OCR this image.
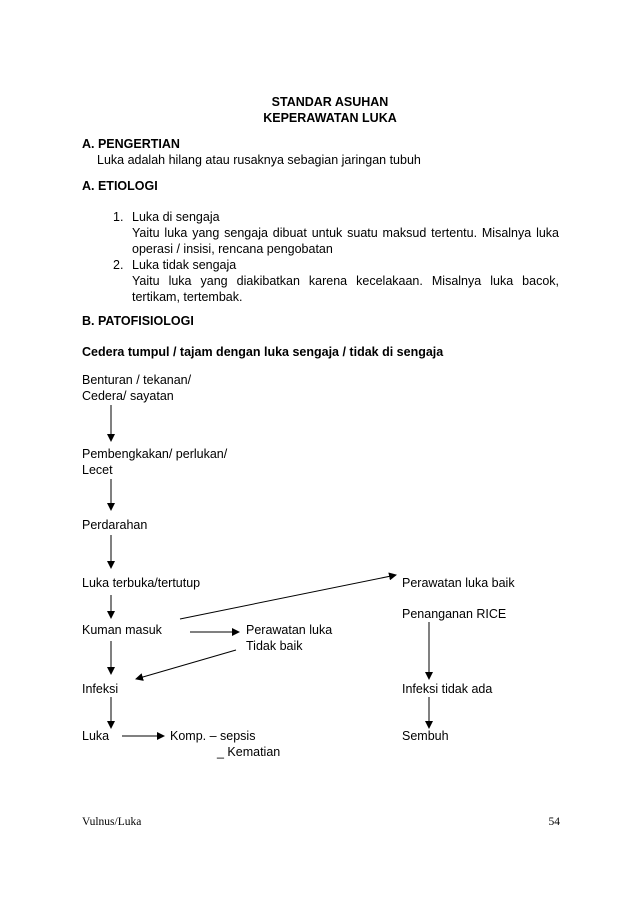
STANDAR ASUHAN
KEPERAWATAN LUKA
A. PENGERTIAN
Luka adalah hilang atau rusaknya sebagian jaringan tubuh
A. ETIOLOGI
1. Luka di sengaja
Yaitu luka yang sengaja dibuat untuk suatu maksud tertentu. Misalnya luka operasi / insisi, rencana pengobatan
2. Luka tidak sengaja
Yaitu luka yang diakibatkan karena kecelakaan. Misalnya luka bacok, tertikam, tertembak.
B. PATOFISIOLOGI
Cedera tumpul / tajam dengan luka sengaja / tidak di sengaja
Benturan / tekanan/
Cedera/ sayatan
Pembengkakan/ perlukan/
Lecet
Perdarahan
Luka terbuka/tertutup	Perawatan luka baik
Penanganan RICE
Kuman masuk	Perawatan luka
Tidak baik
Infeksi	Infeksi tidak ada
Luka	Komp. – sepsis
_ Kematian
Sembuh
Vulnus/Luka	54
